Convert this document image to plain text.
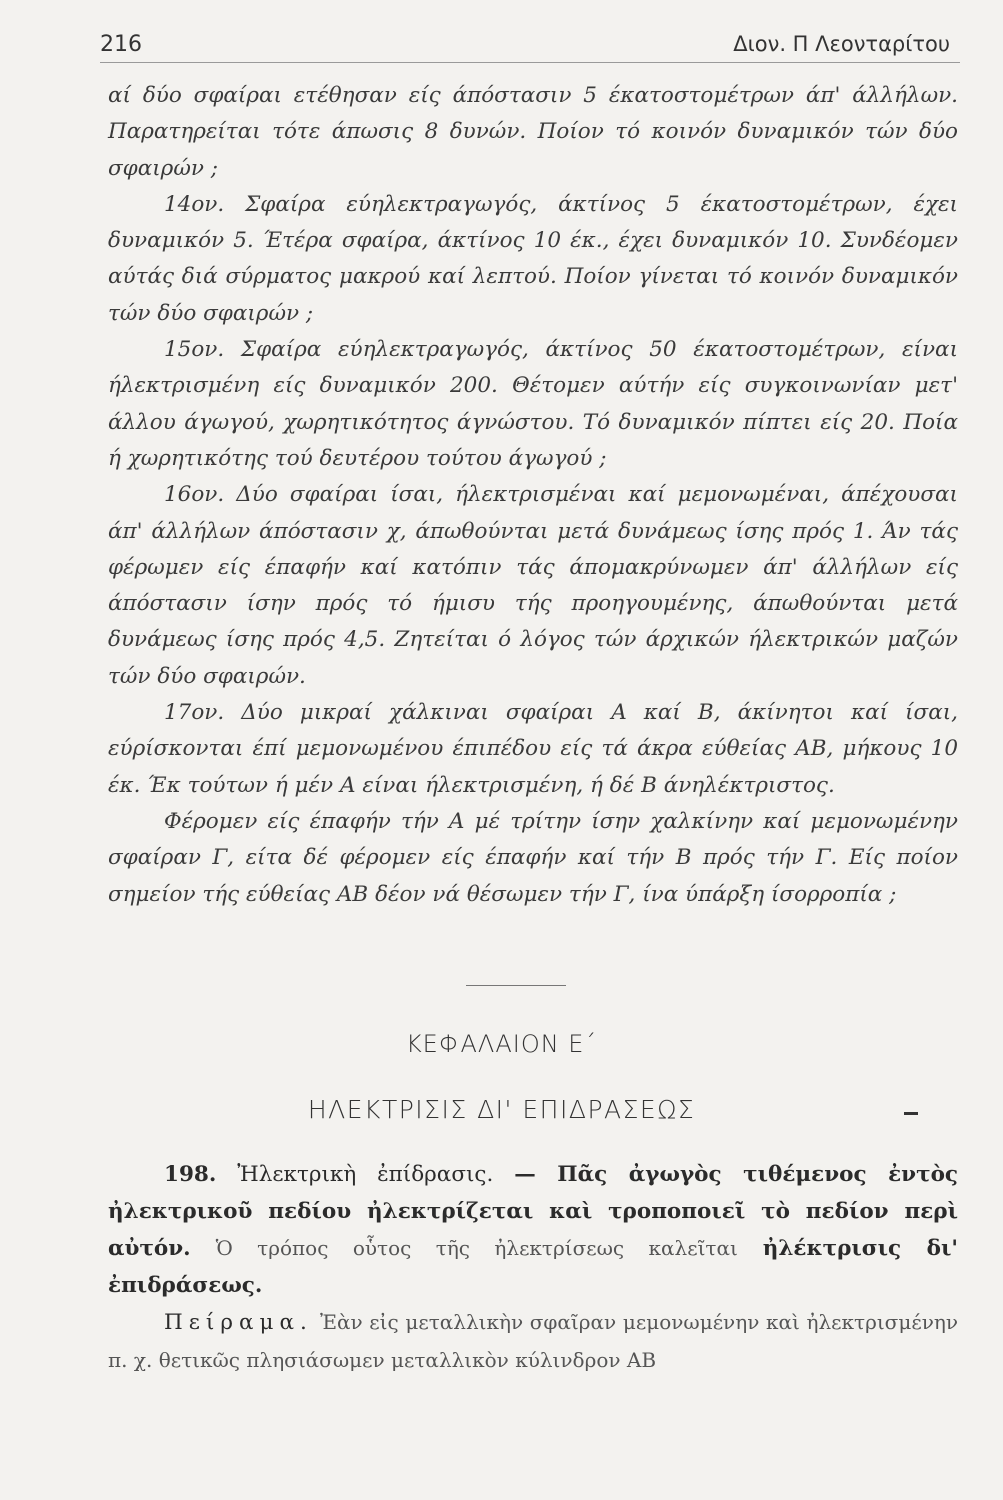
216	Διον. Π Λεονταρίτου

αί δύο σφαίραι ετέθησαν είς άπόστασιν 5 έκατοστομέτρων άπ' άλλήλων. Παρατηρείται τότε άπωσις 8 δυνών. Ποίον τό κοινόν δυναμικόν τών δύο σφαιρών ;

14ον. Σφαίρα εύηλεκτραγωγός, άκτίνος 5 έκατοστομέτρων, έχει δυναμικόν 5. Έτέρα σφαίρα, άκτίνος 10 έκ., έχει δυναμικόν 10. Συνδέομεν αύτάς διά σύρματος μακρού καί λεπτού. Ποίον γίνεται τό κοινόν δυναμικόν τών δύο σφαιρών ;

15ον. Σφαίρα εύηλεκτραγωγός, άκτίνος 50 έκατοστομέτρων, είναι ήλεκτρισμένη είς δυναμικόν 200. Θέτομεν αύτήν είς συγκοινωνίαν μετ' άλλου άγωγού, χωρητικότητος άγνώστου. Τό δυναμικόν πίπτει είς 20. Ποία ή χωρητικότης τού δευτέρου τούτου άγωγού ;

16ον. Δύο σφαίραι ίσαι, ήλεκτρισμέναι καί μεμονωμέναι, άπέχουσαι άπ' άλλήλων άπόστασιν χ, άπωθούνται μετά δυνάμεως ίσης πρός 1. Άν τάς φέρωμεν είς έπαφήν καί κατόπιν τάς άπομακρύνωμεν άπ' άλλήλων είς άπόστασιν ίσην πρός τό ήμισυ τής προηγουμένης, άπωθούνται μετά δυνάμεως ίσης πρός 4,5. Ζητείται ό λόγος τών άρχικών ήλεκτρικών μαζών τών δύο σφαιρών.

17ον. Δύο μικραί χάλκιναι σφαίραι Α καί Β, άκίνητοι καί ίσαι, εύρίσκονται έπί μεμονωμένου έπιπέδου είς τά άκρα εύθείας ΑΒ, μήκους 10 έκ. Έκ τούτων ή μέν Α είναι ήλεκτρισμένη, ή δέ Β άνηλέκτριστος.

Φέρομεν είς έπαφήν τήν Α μέ τρίτην ίσην χαλκίνην καί μεμονωμένην σφαίραν Γ, είτα δέ φέρομεν είς έπαφήν καί τήν Β πρός τήν Γ. Είς ποίον σημείον τής εύθείας ΑΒ δέον νά θέσωμεν τήν Γ, ίνα ύπάρξη ίσορροπία ;

ΚΕΦΑΛΑΙΟΝ Ε΄
ΗΛΕΚΤΡΙΣΙΣ ΔΙ' ΕΠΙΔΡΑΣΕΩΣ

198. Ἠλεκτρικὴ ἐπίδρασις. — Πᾶς ἀγωγὸς τιθέμενος ἐντὸς ἠλεκτρικοῦ πεδίου ἠλεκτρίζεται καὶ τροποποιεῖ τὸ πεδίον περὶ αὐτόν. Ὁ τρόπος οὗτος τῆς ἠλεκτρίσεως καλεῖται ἠλέκτρισις δι' ἐπιδράσεως.

Πείραμα. Ἐὰν εἰς μεταλλικὴν σφαῖραν μεμονωμένην καὶ ἠλεκτρισμένην π. χ. θετικῶς πλησιάσωμεν μεταλλικὸν κύλινδρον ΑΒ
